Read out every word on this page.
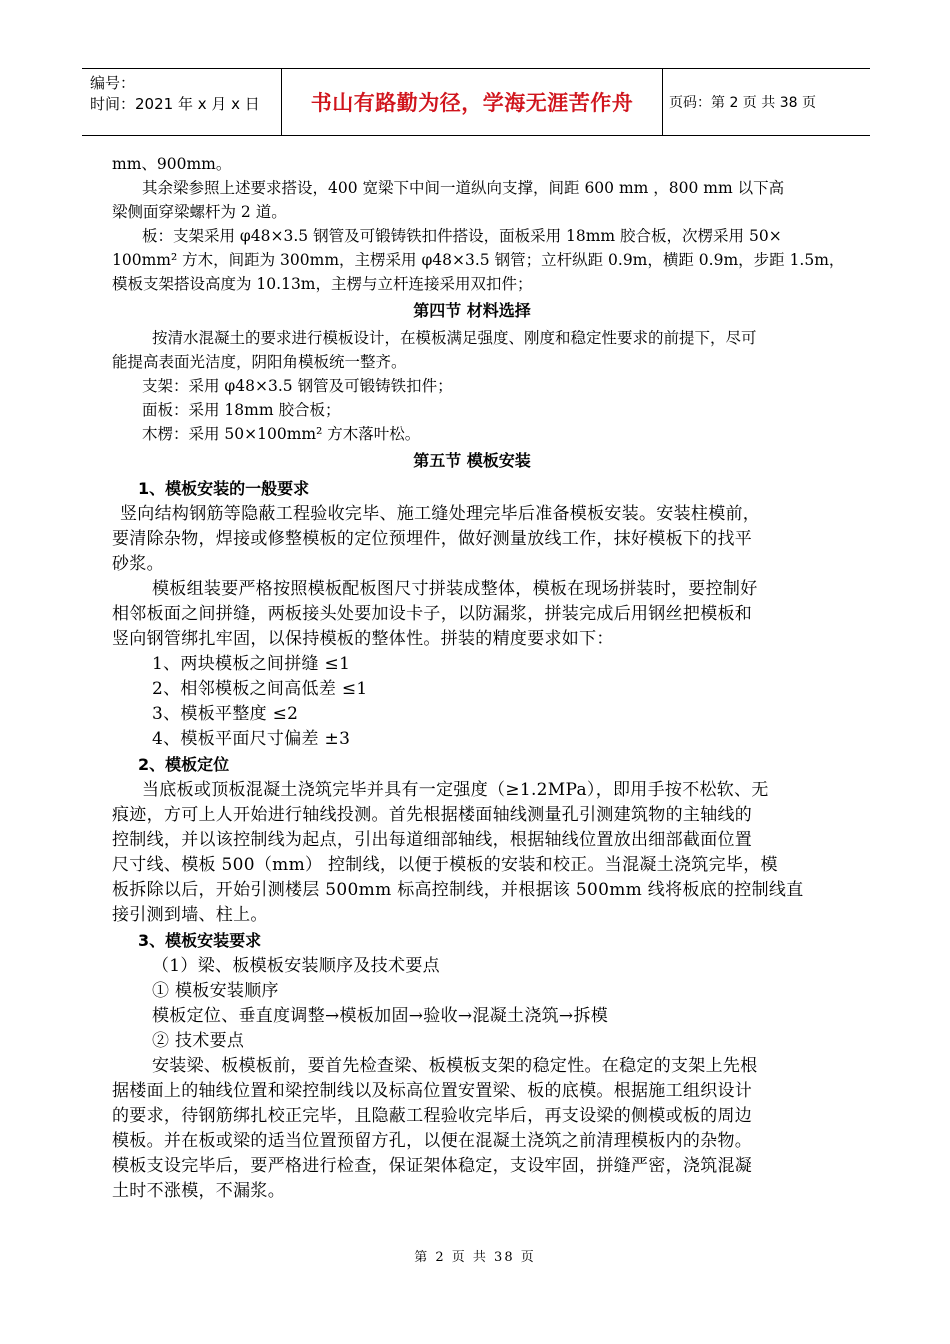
编号：
时间：2021 年 x 月 x 日	书山有路勤为径，学海无涯苦作舟	页码：第 2 页 共 38 页
mm、900mm。
其余梁参照上述要求搭设，400 宽梁下中间一道纵向支撑，间距 600 mm ，800 mm 以下高
梁侧面穿梁螺杆为 2 道。
板：支架采用 φ48×3.5 钢管及可锻铸铁扣件搭设，面板采用 18mm 胶合板，次楞采用 50×
100mm² 方木，间距为 300mm，主楞采用 φ48×3.5 钢管；立杆纵距 0.9m，横距 0.9m，步距 1.5m，
模板支架搭设高度为 10.13m，主楞与立杆连接采用双扣件；
第四节 材料选择
按清水混凝土的要求进行模板设计，在模板满足强度、刚度和稳定性要求的前提下，尽可
能提高表面光洁度，阴阳角模板统一整齐。
支架：采用 φ48×3.5 钢管及可锻铸铁扣件；
面板：采用 18mm 胶合板；
木楞：采用 50×100mm² 方木落叶松。
第五节 模板安装
1、模板安装的一般要求
竖向结构钢筋等隐蔽工程验收完毕、施工缝处理完毕后准备模板安装。安装柱模前，
要清除杂物，焊接或修整模板的定位预埋件，做好测量放线工作，抹好模板下的找平
砂浆。
模板组装要严格按照模板配板图尺寸拼装成整体，模板在现场拼装时，要控制好
相邻板面之间拼缝，两板接头处要加设卡子，以防漏浆，拼装完成后用钢丝把模板和
竖向钢管绑扎牢固，以保持模板的整体性。拼装的精度要求如下：
1、两块模板之间拼缝 ≤1
2、相邻模板之间高低差 ≤1
3、模板平整度 ≤2
4、模板平面尺寸偏差 ±3
2、模板定位
当底板或顶板混凝土浇筑完毕并具有一定强度（≥1.2MPa），即用手按不松软、无
痕迹，方可上人开始进行轴线投测。首先根据楼面轴线测量孔引测建筑物的主轴线的
控制线，并以该控制线为起点，引出每道细部轴线，根据轴线位置放出细部截面位置
尺寸线、模板 500（mm） 控制线，以便于模板的安装和校正。当混凝土浇筑完毕，模
板拆除以后，开始引测楼层 500mm 标高控制线，并根据该 500mm 线将板底的控制线直
接引测到墙、柱上。
3、模板安装要求
（1）梁、板模板安装顺序及技术要点
① 模板安装顺序
模板定位、垂直度调整→模板加固→验收→混凝土浇筑→拆模
② 技术要点
安装梁、板模板前，要首先检查梁、板模板支架的稳定性。在稳定的支架上先根
据楼面上的轴线位置和梁控制线以及标高位置安置梁、板的底模。根据施工组织设计
的要求，待钢筋绑扎校正完毕，且隐蔽工程验收完毕后，再支设梁的侧模或板的周边
模板。并在板或梁的适当位置预留方孔，以便在混凝土浇筑之前清理模板内的杂物。
模板支设完毕后，要严格进行检查，保证架体稳定，支设牢固，拼缝严密，浇筑混凝
土时不涨模，不漏浆。
第 2 页 共 38 页
